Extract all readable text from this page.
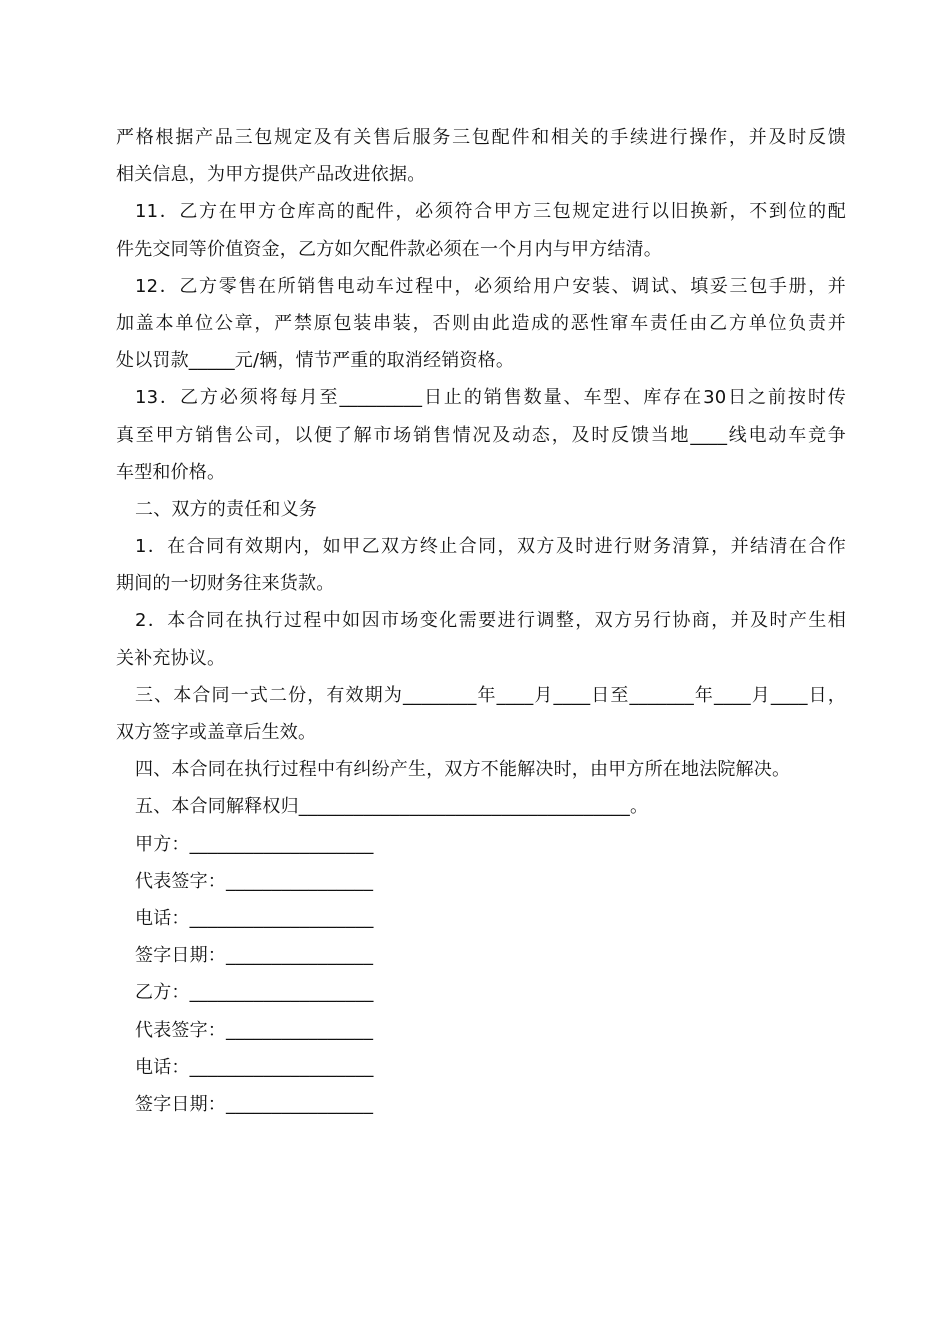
严格根据产品三包规定及有关售后服务三包配件和相关的手续进行操作，并及时反馈
相关信息，为甲方提供产品改进依据。
11．乙方在甲方仓库高的配件，必须符合甲方三包规定进行以旧换新，不到位的配
件先交同等价值资金，乙方如欠配件款必须在一个月内与甲方结清。
12．乙方零售在所销售电动车过程中，必须给用户安装、调试、填妥三包手册，并
加盖本单位公章，严禁原包装串装，否则由此造成的恶性窜车责任由乙方单位负责并
处以罚款_____元/辆，情节严重的取消经销资格。
13．乙方必须将每月至_________日止的销售数量、车型、库存在30日之前按时传
真至甲方销售公司，以便了解市场销售情况及动态，及时反馈当地____线电动车竞争
车型和价格。
二、双方的责任和义务
1．在合同有效期内，如甲乙双方终止合同，双方及时进行财务清算，并结清在合作
期间的一切财务往来货款。
2．本合同在执行过程中如因市场变化需要进行调整，双方另行协商，并及时产生相
关补充协议。
三、本合同一式二份，有效期为________年____月____日至_______年____月____日，
双方签字或盖章后生效。
四、本合同在执行过程中有纠纷产生，双方不能解决时，由甲方所在地法院解决。
五、本合同解释权归____________________________________。
甲方：____________________
代表签字：________________
电话：____________________
签字日期：________________
乙方：____________________
代表签字：________________
电话：____________________
签字日期：________________
